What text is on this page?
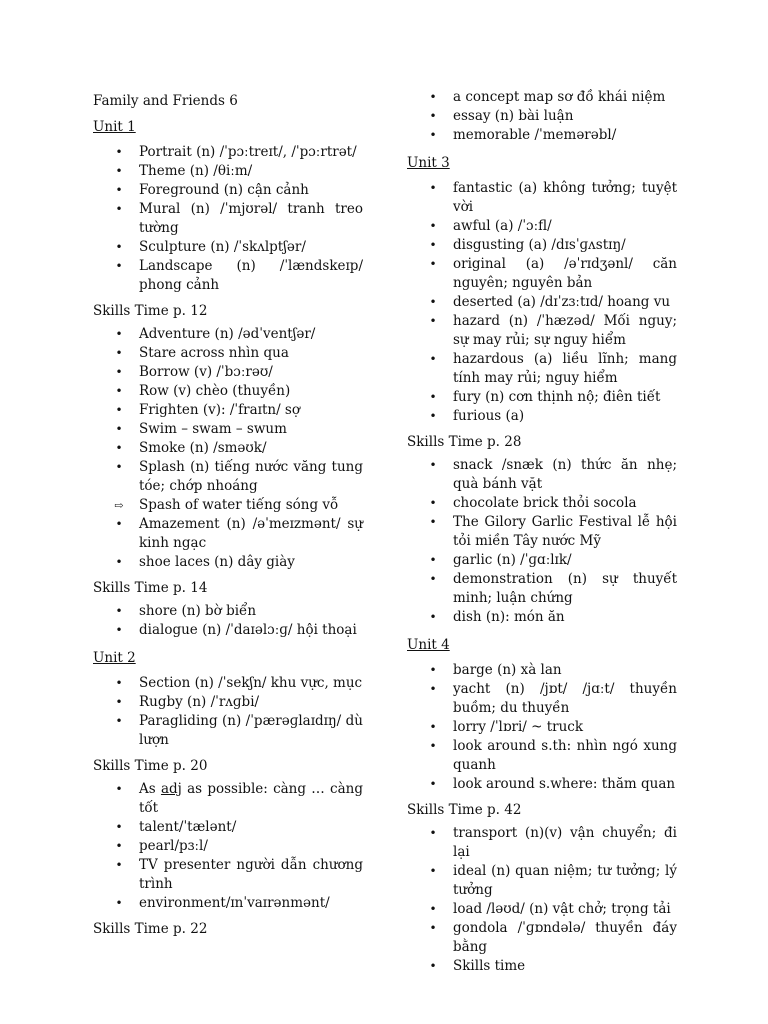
Family and Friends 6
Unit 1
•
Portrait (n) /ˈpɔːtreɪt/, /ˈpɔːrtrət/
•
Theme (n) /θiːm/
•
Foreground (n) cận cảnh
•
Mural (n) /ˈmjʊrəl/ tranh treo tường
•
Sculpture (n) /ˈskʌlptʃər/
•
Landscape (n) /ˈlændskeɪp/ phong cảnh
Skills Time p. 12
•
Adventure (n) /ədˈventʃər/
•
Stare across nhìn qua
•
Borrow (v) /ˈbɔːrəʊ/
•
Row (v) chèo (thuyền)
•
Frighten (v): /ˈfraɪtn/ sợ
•
Swim – swam – swum
•
Smoke (n) /sməʊk/
•
Splash (n) tiếng nước văng tung tóe; chớp nhoáng
⇨
Spash of water tiếng sóng vỗ
•
Amazement (n) /əˈmeɪzmənt/ sự kinh ngạc
•
shoe laces (n) dây giày
Skills Time p. 14
•
shore (n) bờ biển
•
dialogue (n) /ˈdaɪəlɔːɡ/ hội thoại
Unit 2
•
Section (n) /ˈsekʃn/ khu vực, mục
•
Rugby (n) /ˈrʌɡbi/
•
Paragliding (n) /ˈpærəɡlaɪdɪŋ/ dù lượn
Skills Time p. 20
•
As adj as possible: càng … càng tốt
•
talent/ˈtælənt/
•
pearl/pɜːl/
•
TV presenter người dẫn chương trình
•
environment/ɪnˈvaɪrənmənt/
Skills Time p. 22
•
a concept map sơ đồ khái niệm
•
essay (n) bài luận
•
memorable /ˈmemərəbl/
Unit 3
•
fantastic (a) không tưởng; tuyệt vời
•
awful (a) /ˈɔːfl/
•
disgusting (a) /dɪsˈɡʌstɪŋ/
•
original (a) /əˈrɪdʒənl/ căn nguyên; nguyên bản
•
deserted (a) /dɪˈzɜːtɪd/ hoang vu
•
hazard (n) /ˈhæzəd/ Mối nguy; sự may rủi; sự nguy hiểm
•
hazardous (a) liều lĩnh; mang tính may rủi; nguy hiểm
•
fury (n) cơn thịnh nộ; điên tiết
•
furious (a)
Skills Time p. 28
•
snack /snæk (n) thức ăn nhẹ; quà bánh vặt
•
chocolate brick thỏi socola
•
The Gilory Garlic Festival lễ hội tỏi miền Tây nước Mỹ
•
garlic (n) /ˈɡɑːlɪk/
•
demonstration (n) sự thuyết minh; luận chứng
•
dish (n): món ăn
Unit 4
•
barge (n) xà lan
•
yacht (n) /jɒt/ /jɑːt/ thuyền buồm; du thuyền
•
lorry /ˈlɒri/ ~ truck
•
look around s.th: nhìn ngó xung quanh
•
look around s.where: thăm quan
Skills Time p. 42
•
transport (n)(v) vận chuyển; đi lại
•
ideal (n) quan niệm; tư tưởng; lý tưởng
•
load /ləʊd/ (n) vật chở; trọng tải
•
gondola /ˈɡɒndələ/ thuyền đáy bằng
•
Skills time
